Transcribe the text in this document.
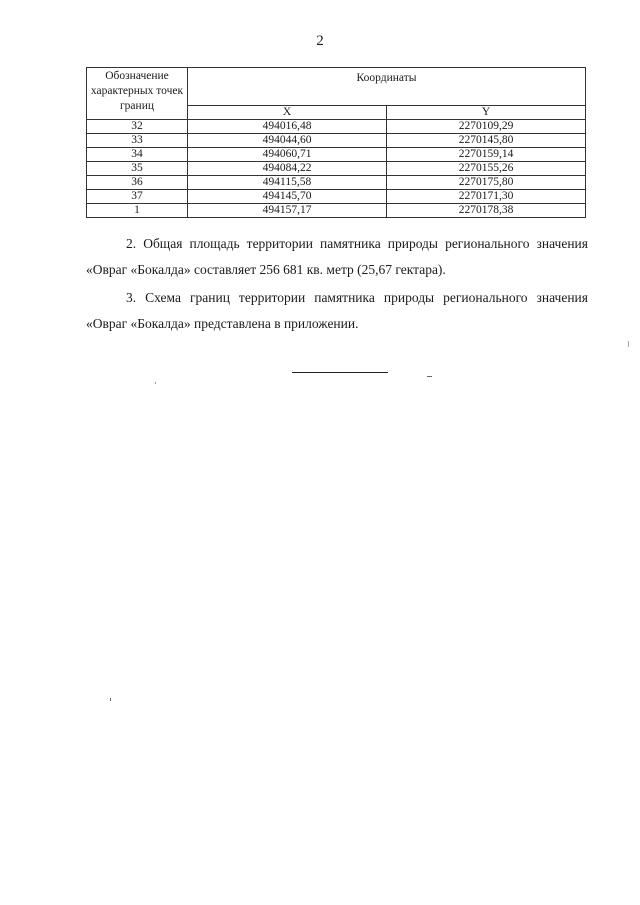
2
Обозначение характерных точек границ	Координаты	
	X	Y
32	494016,48	2270109,29
33	494044,60	2270145,80
34	494060,71	2270159,14
35	494084,22	2270155,26
36	494115,58	2270175,80
37	494145,70	2270171,30
1	494157,17	2270178,38

2. Общая площадь территории памятника природы регионального значения «Овраг «Бокалда» составляет 256 681 кв. метр (25,67 гектара).

3. Схема границ территории памятника природы регионального значения «Овраг «Бокалда» представлена в приложении.
